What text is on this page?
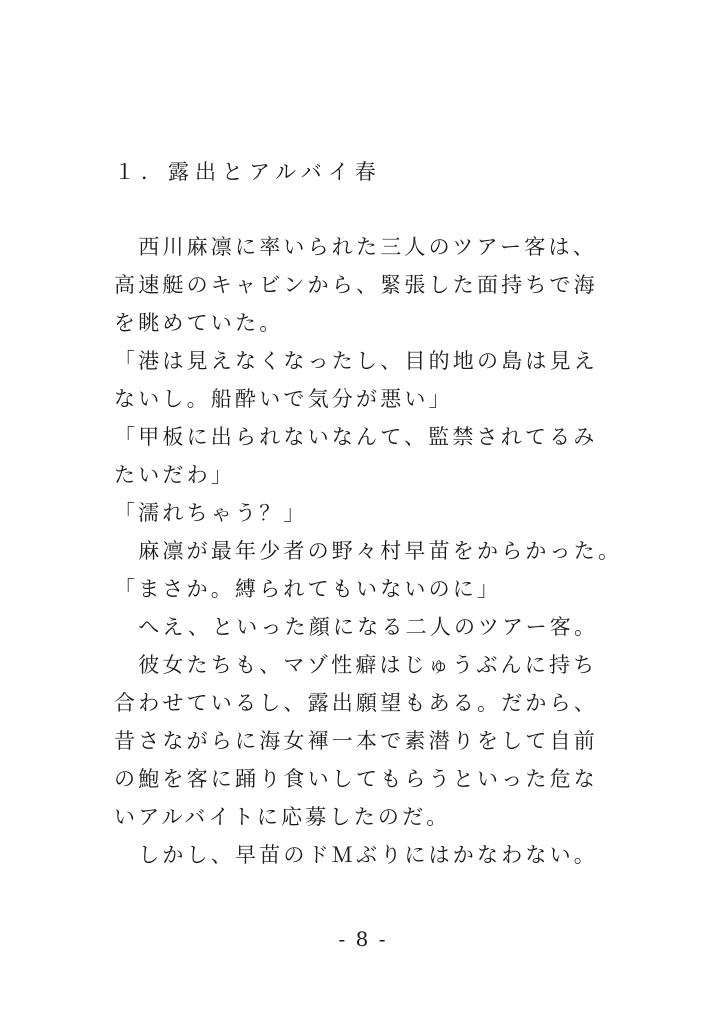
１．露出とアルバイ春
　西川麻凛に率いられた三人のツアー客は、
高速艇のキャビンから、緊張した面持ちで海
を眺めていた。
「港は見えなくなったし、目的地の島は見え
ないし。船酔いで気分が悪い」
「甲板に出られないなんて、監禁されてるみ
たいだわ」
「濡れちゃう？」
　麻凛が最年少者の野々村早苗をからかった。
「まさか。縛られてもいないのに」
　へえ、といった顔になる二人のツアー客。
　彼女たちも、マゾ性癖はじゅうぶんに持ち
合わせているし、露出願望もある。だから、
昔さながらに海女褌一本で素潜りをして自前
の鮑を客に踊り食いしてもらうといった危な
いアルバイトに応募したのだ。
　しかし、早苗のドＭぶりにはかなわない。
- 8 -
